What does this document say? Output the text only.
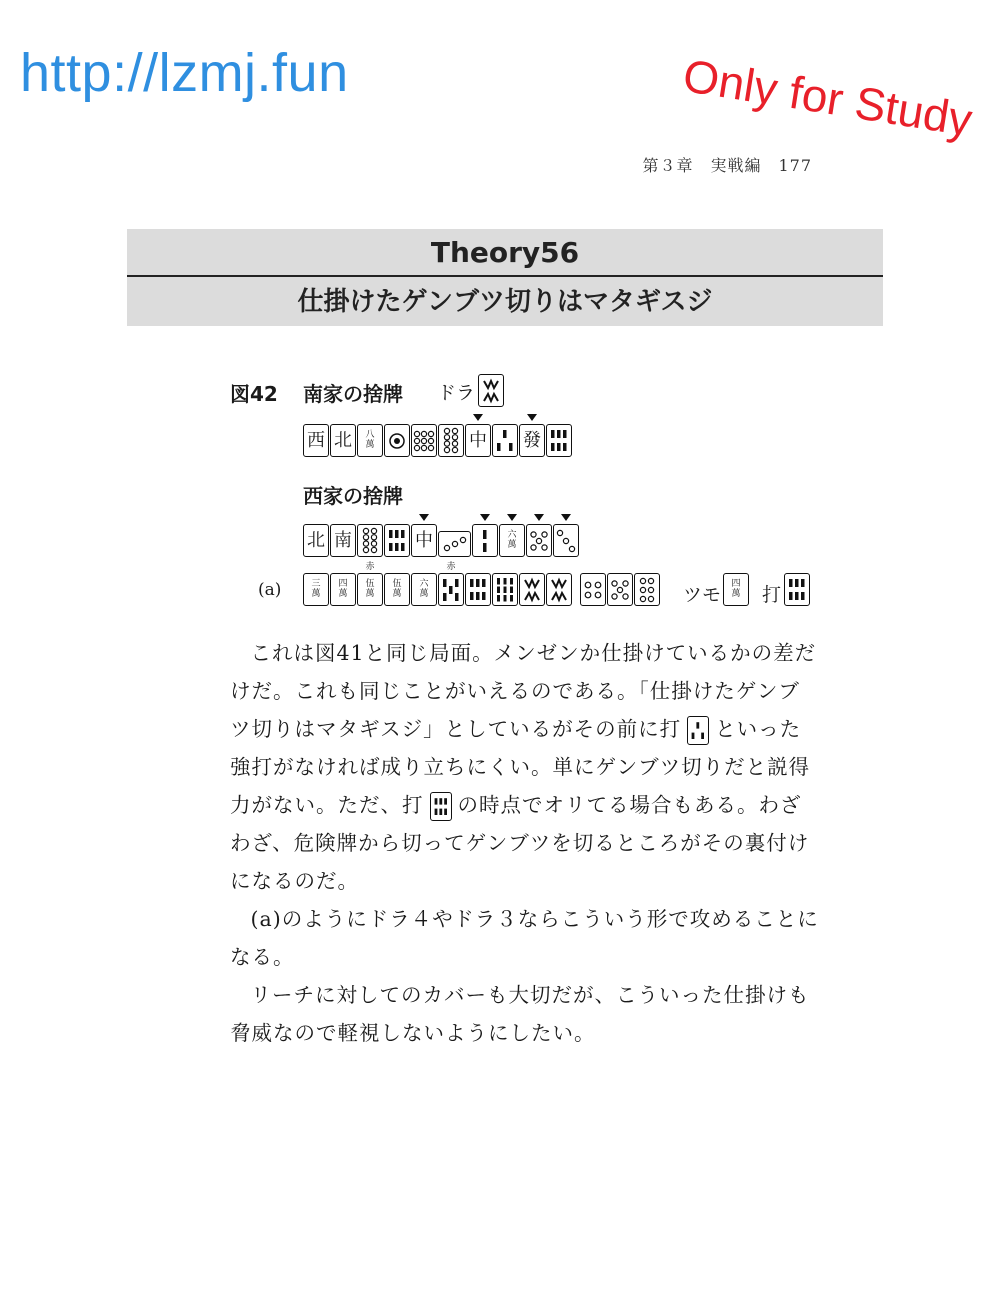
http://lzmj.fun	Only for Study
第３章　実戦編　177
Theory56
仕掛けたゲンブツ切りはマタギスジ
図42 南家の捨牌 ドラ
西 北 八
萬	中 發
西家の捨牌
北 南	中	六
萬
(a)	三
萬
四
萬
赤
伍
萬
伍
萬
六
萬
赤
ツモ 四
萬 打

これは図41と同じ局面。メンゼンか仕掛けているかの差だけだ。これも同じことがいえるのである。「仕掛けたゲンブツ切りはマタギスジ」としているがその前に打 といった強打がなければ成り立ちにくい。単にゲンブツ切りだと説得力がない。ただ、打 の時点でオリてる場合もある。わざわざ、危険牌から切ってゲンブツを切るところがその裏付けになるのだ。

(a)のようにドラ４やドラ３ならこういう形で攻めることになる。

リーチに対してのカバーも大切だが、こういった仕掛けも脅威なので軽視しないようにしたい。
